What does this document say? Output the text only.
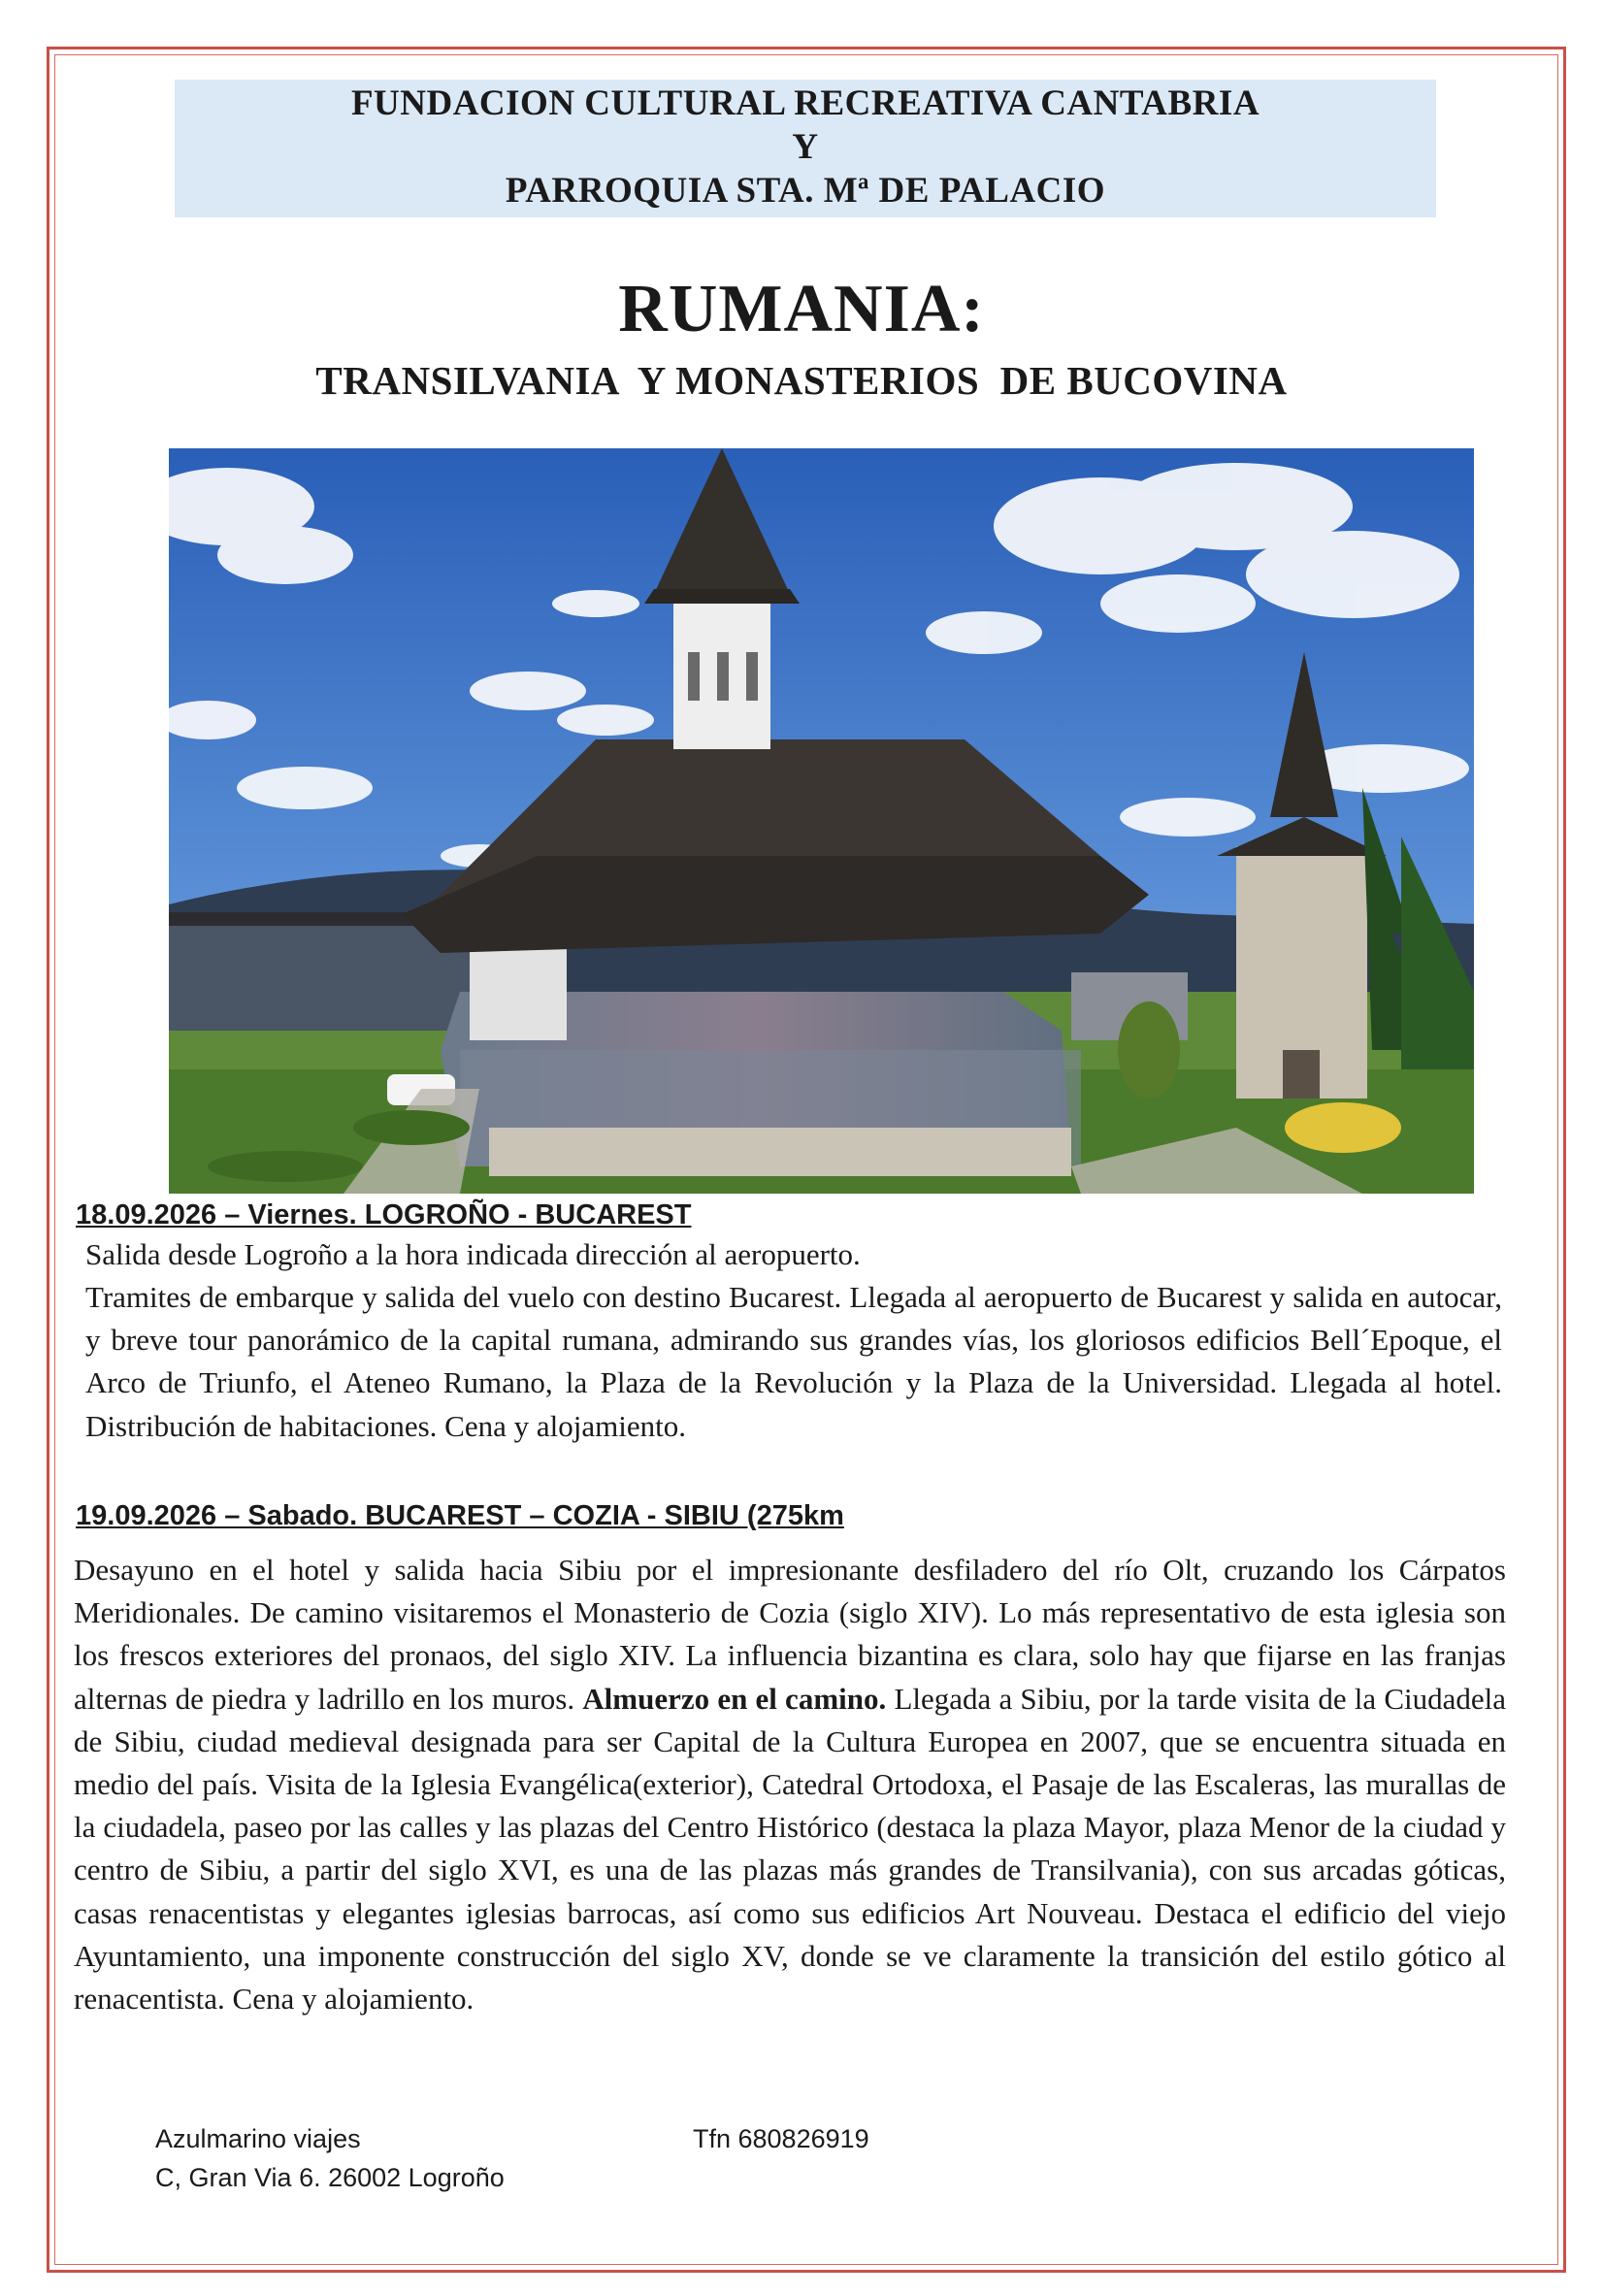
FUNDACION CULTURAL RECREATIVA CANTABRIA
Y
PARROQUIA STA. Mª DE PALACIO
RUMANIA:
TRANSILVANIA  Y MONASTERIOS  DE BUCOVINA
18.09.2026 – Viernes. LOGROÑO - BUCAREST
Salida desde Logroño a la hora indicada dirección al aeropuerto.
Tramites de embarque y salida del vuelo con destino Bucarest. Llegada al aeropuerto de Bucarest y salida en autocar, y breve tour panorámico de la capital rumana, admirando sus grandes vías, los gloriosos edificios Bell´Epoque, el Arco de Triunfo, el Ateneo Rumano, la Plaza de la Revolución y la Plaza de la Universidad. Llegada al hotel. Distribución de habitaciones. Cena y alojamiento.
19.09.2026 – Sabado. BUCAREST – COZIA - SIBIU (275km
Desayuno en el hotel y salida hacia Sibiu por el impresionante desfiladero del río Olt, cruzando los Cárpatos Meridionales. De camino visitaremos el Monasterio de Cozia (siglo XIV). Lo más representativo de esta iglesia son los frescos exteriores del pronaos, del siglo XIV. La influencia bizantina es clara, solo hay que fijarse en las franjas alternas de piedra y ladrillo en los muros. Almuerzo en el camino. Llegada a Sibiu, por la tarde visita de la Ciudadela de Sibiu, ciudad medieval designada para ser Capital de la Cultura Europea en 2007, que se encuentra situada en medio del país. Visita de la Iglesia Evangélica(exterior), Catedral Ortodoxa, el Pasaje de las Escaleras, las murallas de la ciudadela, paseo por las calles y las plazas del Centro Histórico (destaca la plaza Mayor, plaza Menor de la ciudad y centro de Sibiu, a partir del siglo XVI, es una de las plazas más grandes de Transilvania), con sus arcadas góticas, casas renacentistas y elegantes iglesias barrocas, así como sus edificios Art Nouveau. Destaca el edificio del viejo Ayuntamiento, una imponente construcción del siglo XV, donde se ve claramente la transición del estilo gótico al renacentista. Cena y alojamiento.
Azulmarino viajes
C, Gran Via 6. 26002 Logroño
Tfn 680826919
